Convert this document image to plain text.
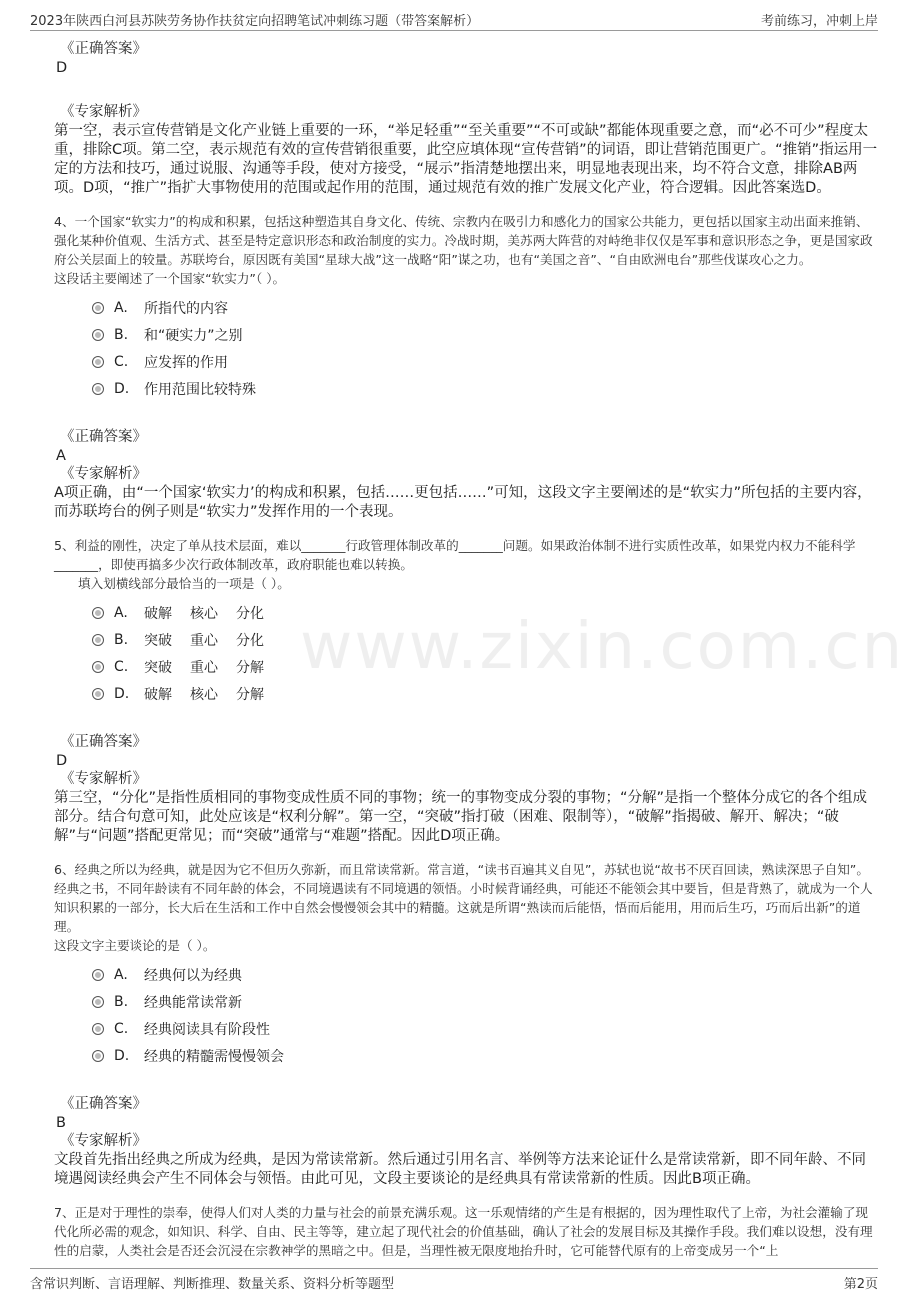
2023年陕西白河县苏陕劳务协作扶贫定向招聘笔试冲刺练习题（带答案解析）	考前练习，冲刺上岸
www.zixin.com.cn
《正确答案》
D
《专家解析》

第一空，表示宣传营销是文化产业链上重要的一环，“举足轻重”“至关重要”“不可或缺”都能体现重要之意，而“必不可少”程度太重，排除C项。第二空，表示规范有效的宣传营销很重要，此空应填体现“宣传营销”的词语，即让营销范围更广。“推销”指运用一定的方法和技巧，通过说服、沟通等手段，使对方接受，“展示”指清楚地摆出来，明显地表现出来，均不符合文意，排除AB两项。D项，“推广”指扩大事物使用的范围或起作用的范围，通过规范有效的推广发展文化产业，符合逻辑。因此答案选D。

4、一个国家“软实力”的构成和积累，包括这种塑造其自身文化、传统、宗教内在吸引力和感化力的国家公共能力，更包括以国家主动出面来推销、强化某种价值观、生活方式、甚至是特定意识形态和政治制度的实力。冷战时期，美苏两大阵营的对峙绝非仅仅是军事和意识形态之争，更是国家政府公关层面上的较量。苏联垮台，原因既有美国“星球大战”这一战略“阳”谋之功，也有“美国之音”、“自由欧洲电台”那些伐谋攻心之力。

这段话主要阐述了一个国家“软实力”（ ）。
A.	所指代的内容
B.	和“硬实力”之别
C.	应发挥的作用
D.	作用范围比较特殊
《正确答案》
A
《专家解析》

A项正确，由“一个国家‘软实力’的构成和积累，包括……更包括……”可知，这段文字主要阐述的是“软实力”所包括的主要内容，而苏联垮台的例子则是“软实力”发挥作用的一个表现。

5、利益的刚性，决定了单从技术层面，难以_______行政管理体制改革的_______问题。如果政治体制不进行实质性改革，如果党内权力不能科学_______，即使再搞多少次行政体制改革，政府职能也难以转换。

填入划横线部分最恰当的一项是（ ）。
A.	破解 核心 分化
B.	突破 重心 分化
C.	突破 重心 分解
D.	破解 核心 分解
《正确答案》
D
《专家解析》

第三空，“分化”是指性质相同的事物变成性质不同的事物；统一的事物变成分裂的事物；“分解”是指一个整体分成它的各个组成部分。结合句意可知，此处应该是“权利分解”。第一空，“突破”指打破（困难、限制等），“破解”指揭破、解开、解决；“破解”与“问题”搭配更常见；而“突破”通常与“难题”搭配。因此D项正确。

6、经典之所以为经典，就是因为它不但历久弥新，而且常读常新。常言道，“读书百遍其义自见”，苏轼也说“故书不厌百回读，熟读深思子自知”。经典之书，不同年龄读有不同年龄的体会，不同境遇读有不同境遇的领悟。小时候背诵经典，可能还不能领会其中要旨，但是背熟了，就成为一个人知识积累的一部分，长大后在生活和工作中自然会慢慢领会其中的精髓。这就是所谓“熟读而后能悟，悟而后能用，用而后生巧，巧而后出新”的道理。

这段文字主要谈论的是（ ）。
A.	经典何以为经典
B.	经典能常读常新
C.	经典阅读具有阶段性
D.	经典的精髓需慢慢领会
《正确答案》
B
《专家解析》

文段首先指出经典之所成为经典，是因为常读常新。然后通过引用名言、举例等方法来论证什么是常读常新，即不同年龄、不同境遇阅读经典会产生不同体会与领悟。由此可见，文段主要谈论的是经典具有常读常新的性质。因此B项正确。

7、正是对于理性的崇奉，使得人们对人类的力量与社会的前景充满乐观。这一乐观情绪的产生是有根据的，因为理性取代了上帝，为社会灌输了现代化所必需的观念，如知识、科学、自由、民主等等，建立起了现代社会的价值基础，确认了社会的发展目标及其操作手段。我们难以设想，没有理性的启蒙，人类社会是否还会沉浸在宗教神学的黑暗之中。但是，当理性被无限度地抬升时，它可能替代原有的上帝变成另一个“上

含常识判断、言语理解、判断推理、数量关系、资料分析等题型	第2页
